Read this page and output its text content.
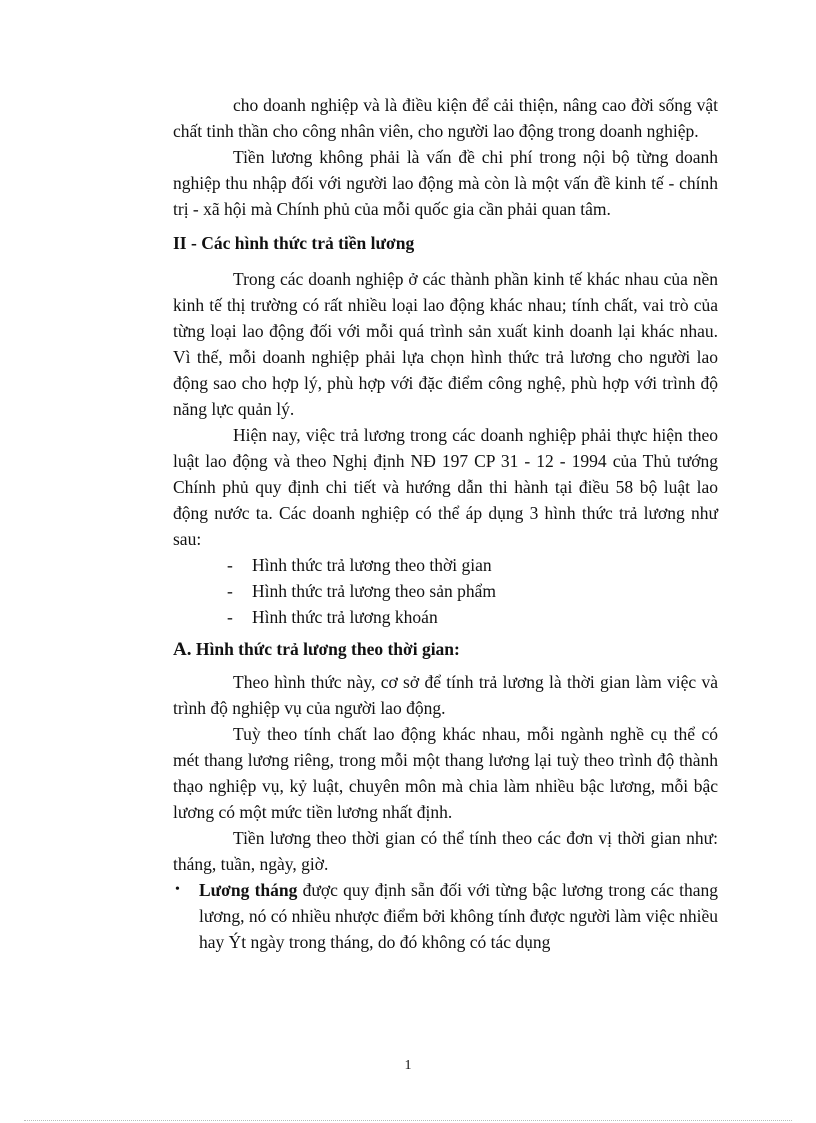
cho doanh nghiệp và là điều kiện để cải thiện, nâng cao đời sống vật chất tinh thần cho công nhân viên, cho người lao động trong doanh nghiệp.

Tiền lương không phải là vấn đề chi phí trong nội bộ từng doanh nghiệp thu nhập đối với người lao động mà còn là một vấn đề kinh tế - chính trị - xã hội mà Chính phủ của mỗi quốc gia cần phải quan tâm.

II - Các hình thức trả tiền lương

Trong các doanh nghiệp ở các thành phần kinh tế khác nhau của nền kinh tế thị trường có rất nhiều loại lao động khác nhau; tính chất, vai trò của từng loại lao động đối với mỗi quá trình sản xuất kinh doanh lại khác nhau. Vì thế, mỗi doanh nghiệp phải lựa chọn hình thức trả lương cho người lao động sao cho hợp lý, phù hợp với đặc điểm công nghệ, phù hợp với trình độ năng lực quản lý.

Hiện nay, việc trả lương trong các doanh nghiệp phải thực hiện theo luật lao động và theo Nghị định NĐ 197 CP 31 - 12 - 1994 của Thủ tướng Chính phủ quy định chi tiết và hướng dẫn thi hành tại điều 58 bộ luật lao động nước ta. Các doanh nghiệp có thể áp dụng 3 hình thức trả lương như sau:

- Hình thức trả lương theo thời gian
- Hình thức trả lương theo sản phẩm
- Hình thức trả lương khoán

A. Hình thức trả lương theo thời gian:

Theo hình thức này, cơ sở để tính trả lương là thời gian làm việc và trình độ nghiệp vụ của người lao động.

Tuỳ theo tính chất lao động khác nhau, mỗi ngành nghề cụ thể có mét thang lương riêng, trong mỗi một thang lương lại tuỳ theo trình độ thành thạo nghiệp vụ, kỷ luật, chuyên môn mà chia làm nhiều bậc lương, mỗi bậc lương có một mức tiền lương nhất định.

Tiền lương theo thời gian có thể tính theo các đơn vị thời gian như: tháng, tuần, ngày, giờ.

• Lương tháng được quy định sẵn đối với từng bậc lương trong các thang lương, nó có nhiều nhược điểm bởi không tính được người làm việc nhiều hay Ýt ngày trong tháng, do đó không có tác dụng
1
